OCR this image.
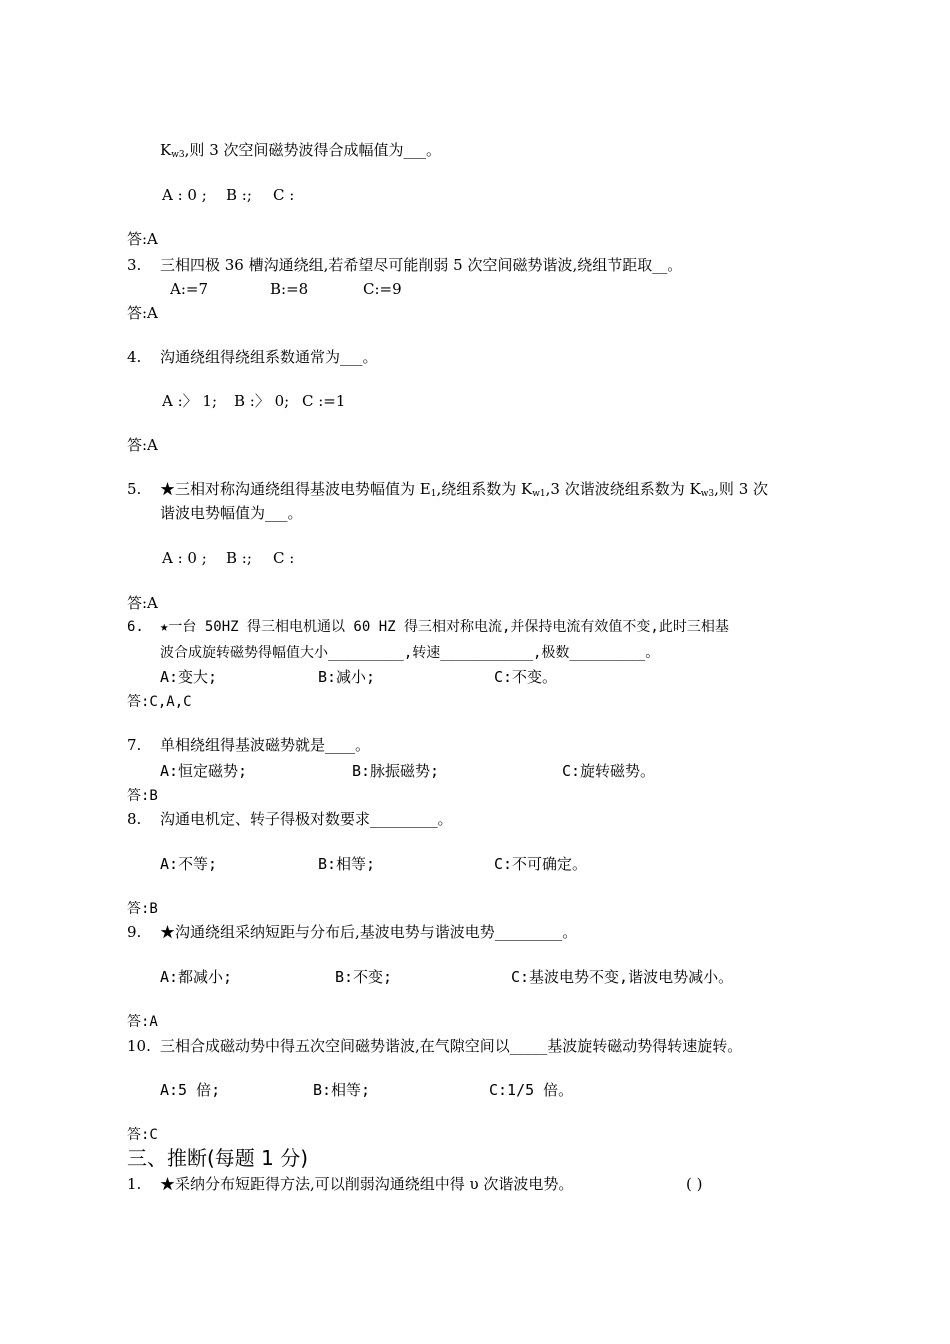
$K_{w3}$,则 3 次空间磁势波得合成幅值为___。
A : 0 ; B :; C :
答:A
3. 三相四极 36 槽沟通绕组,若希望尽可能削弱 5 次空间磁势谐波,绕组节距取__。
A:=7	B:=8	C:=9
答:A
4. 沟通绕组得绕组系数通常为___。
A :〉 1; B :〉 0; C :=1
答:A
5. ★三相对称沟通绕组得基波电势幅值为 $E_1$,绕组系数为 $K_{w1},3$ 次谐波绕组系数为 $K_{w3}$,则 3 次
谐波电势幅值为___。
A : 0 ; B :; C :
答:A
6. ★一台 50HZ 得三相电机通以 60 HZ 得三相对称电流,并保持电流有效值不变,此时三相基
波合成旋转磁势得幅值大小_________,转速___________,极数_________。
A:变大;	B:减小;	C:不变。
答:C,A,C
7. 单相绕组得基波磁势就是____。
A:恒定磁势;	B:脉振磁势;	C:旋转磁势。
答:B
8. 沟通电机定、转子得极对数要求_________。
A:不等;	B:相等;	C:不可确定。
答:B
9. ★沟通绕组采纳短距与分布后,基波电势与谐波电势_________。
A:都减小;	B:不变;	C:基波电势不变,谐波电势减小。
答:A
10. 三相合成磁动势中得五次空间磁势谐波,在气隙空间以_____基波旋转磁动势得转速旋转。
A:5 倍;	B:相等;	C:1/5 倍。
答:C
三、推断(每题 1 分)
1. ★采纳分布短距得方法,可以削弱沟通绕组中得 υ 次谐波电势。	( )
